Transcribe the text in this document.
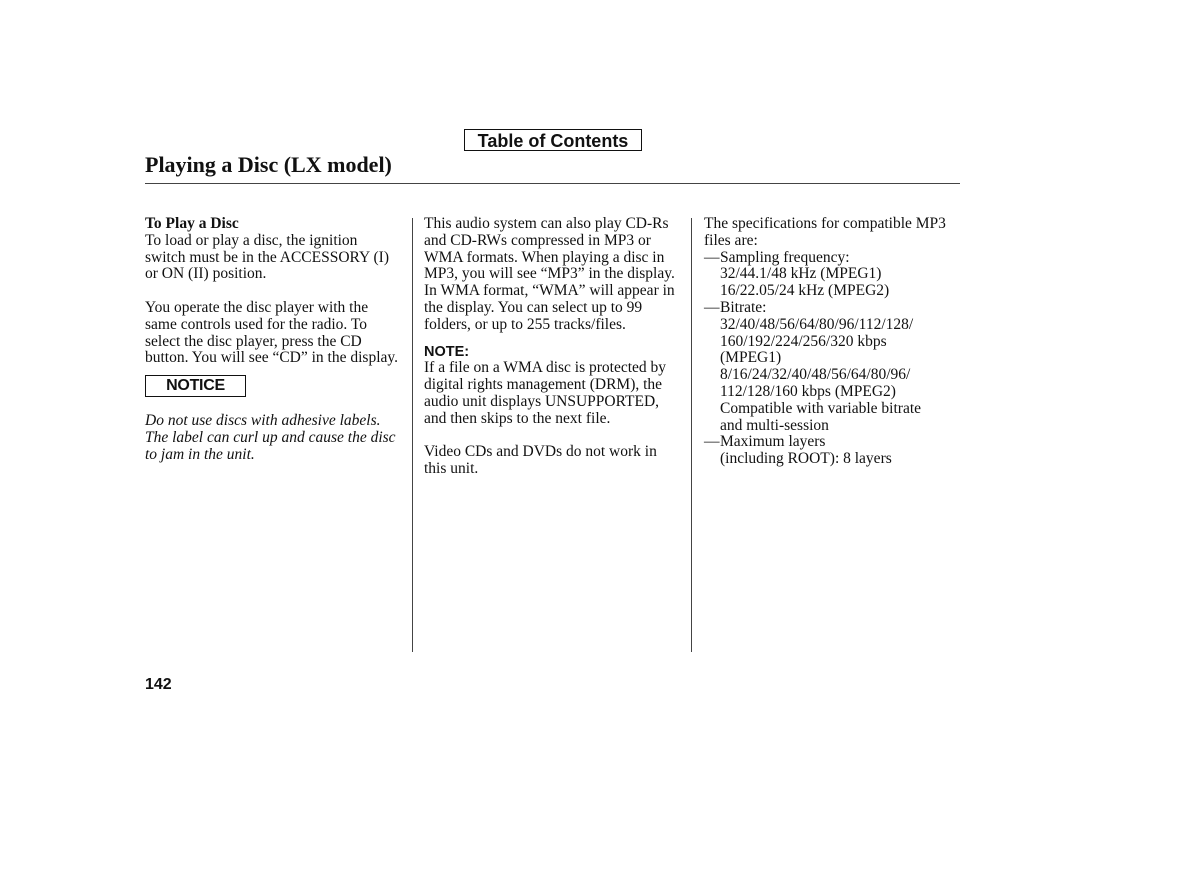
Table of Contents
Playing a Disc (LX model)

To Play a Disc

To load or play a disc, the ignition switch must be in the ACCESSORY (I) or ON (II) position.

You operate the disc player with the same controls used for the radio. To select the disc player, press the CD button. You will see “CD” in the display.

NOTICE

Do not use discs with adhesive labels. The label can curl up and cause the disc to jam in the unit.

This audio system can also play CD-Rs and CD-RWs compressed in MP3 or WMA formats. When playing a disc in MP3, you will see “MP3” in the display. In WMA format, “WMA” will appear in the display. You can select up to 99 folders, or up to 255 tracks/files.

NOTE:

If a file on a WMA disc is protected by digital rights management (DRM), the audio unit displays UNSUPPORTED, and then skips to the next file.

Video CDs and DVDs do not work in this unit.

The specifications for compatible MP3 files are:

— Sampling frequency:

32/44.1/48 kHz (MPEG1)

16/22.05/24 kHz (MPEG2)

— Bitrate:

32/40/48/56/64/80/96/112/128/

160/192/224/256/320 kbps

(MPEG1)

8/16/24/32/40/48/56/64/80/96/

112/128/160 kbps (MPEG2)

Compatible with variable bitrate

and multi-session

— Maximum layers

(including ROOT): 8 layers

142
